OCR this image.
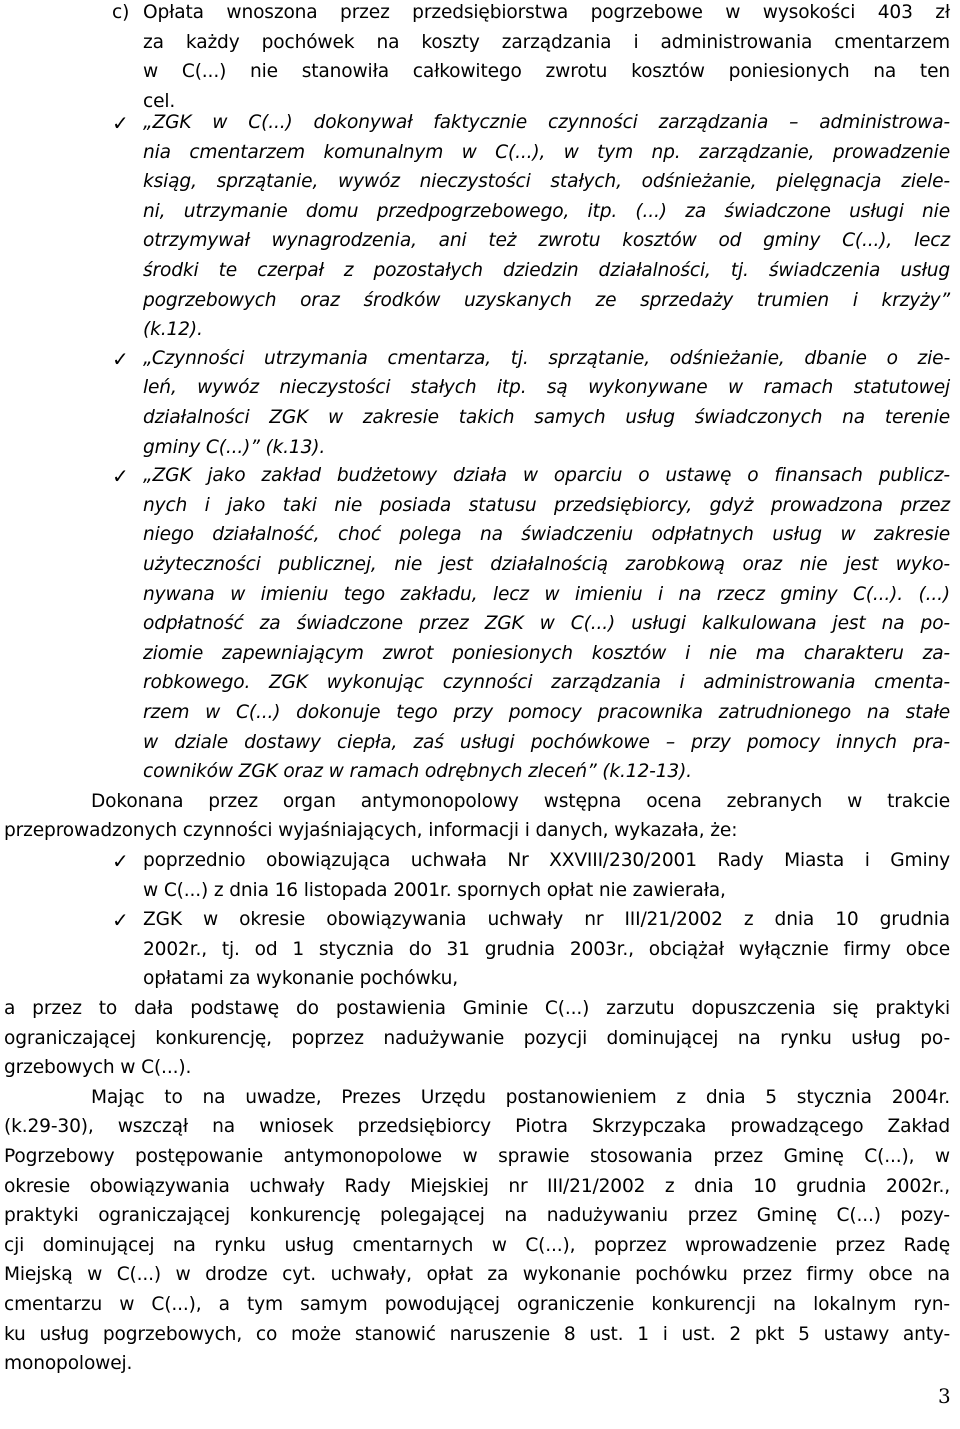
c) Opłata wnoszona przez przedsiębiorstwa pogrzebowe w wysokości 403 zł
za każdy pochówek na koszty zarządzania i administrowania cmentarzem
w C(...) nie stanowiła całkowitego zwrotu kosztów poniesionych na ten
cel.
✓ „ZGK w C(...) dokonywał faktycznie czynności zarządzania – administrowa-
nia cmentarzem komunalnym w C(...), w tym np. zarządzanie, prowadzenie
ksiąg, sprzątanie, wywóz nieczystości stałych, odśnieżanie, pielęgnacja ziele-
ni, utrzymanie domu przedpogrzebowego, itp. (...) za świadczone usługi nie
otrzymywał wynagrodzenia, ani też zwrotu kosztów od gminy C(...), lecz
środki te czerpał z pozostałych dziedzin działalności, tj. świadczenia usług
pogrzebowych oraz środków uzyskanych ze sprzedaży trumien i krzyży”
(k.12).
✓ „Czynności utrzymania cmentarza, tj. sprzątanie, odśnieżanie, dbanie o zie-
leń, wywóz nieczystości stałych itp. są wykonywane w ramach statutowej
działalności ZGK w zakresie takich samych usług świadczonych na terenie
gminy C(...)” (k.13).
✓ „ZGK jako zakład budżetowy działa w oparciu o ustawę o finansach publicz-
nych i jako taki nie posiada statusu przedsiębiorcy, gdyż prowadzona przez
niego działalność, choć polega na świadczeniu odpłatnych usług w zakresie
użyteczności publicznej, nie jest działalnością zarobkową oraz nie jest wyko-
nywana w imieniu tego zakładu, lecz w imieniu i na rzecz gminy C(...). (...)
odpłatność za świadczone przez ZGK w C(...) usługi kalkulowana jest na po-
ziomie zapewniającym zwrot poniesionych kosztów i nie ma charakteru za-
robkowego. ZGK wykonując czynności zarządzania i administrowania cmenta-
rzem w C(...) dokonuje tego przy pomocy pracownika zatrudnionego na stałe
w dziale dostawy ciepła, zaś usługi pochówkowe – przy pomocy innych pra-
cowników ZGK oraz w ramach odrębnych zleceń” (k.12-13).
Dokonana przez organ antymonopolowy wstępna ocena zebranych w trakcie
przeprowadzonych czynności wyjaśniających, informacji i danych, wykazała, że:
✓ poprzednio obowiązująca uchwała Nr XXVIII/230/2001 Rady Miasta i Gminy
w C(...) z dnia 16 listopada 2001r. spornych opłat nie zawierała,
✓ ZGK w okresie obowiązywania uchwały nr III/21/2002 z dnia 10 grudnia
2002r., tj. od 1 stycznia do 31 grudnia 2003r., obciążał wyłącznie firmy obce
opłatami za wykonanie pochówku,
a przez to dała podstawę do postawienia Gminie C(...) zarzutu dopuszczenia się praktyki
ograniczającej konkurencję, poprzez nadużywanie pozycji dominującej na rynku usług po-
grzebowych w C(...).
Mając to na uwadze, Prezes Urzędu postanowieniem z dnia 5 stycznia 2004r.
(k.29-30), wszczął na wniosek przedsiębiorcy Piotra Skrzypczaka prowadzącego Zakład
Pogrzebowy postępowanie antymonopolowe w sprawie stosowania przez Gminę C(...), w
okresie obowiązywania uchwały Rady Miejskiej nr III/21/2002 z dnia 10 grudnia 2002r.,
praktyki ograniczającej konkurencję polegającej na nadużywaniu przez Gminę C(...) pozy-
cji dominującej na rynku usług cmentarnych w C(...), poprzez wprowadzenie przez Radę
Miejską w C(...) w drodze cyt. uchwały, opłat za wykonanie pochówku przez firmy obce na
cmentarzu w C(...), a tym samym powodującej ograniczenie konkurencji na lokalnym ryn-
ku usług pogrzebowych, co może stanowić naruszenie 8 ust. 1 i ust. 2 pkt 5 ustawy anty-
monopolowej.
3
